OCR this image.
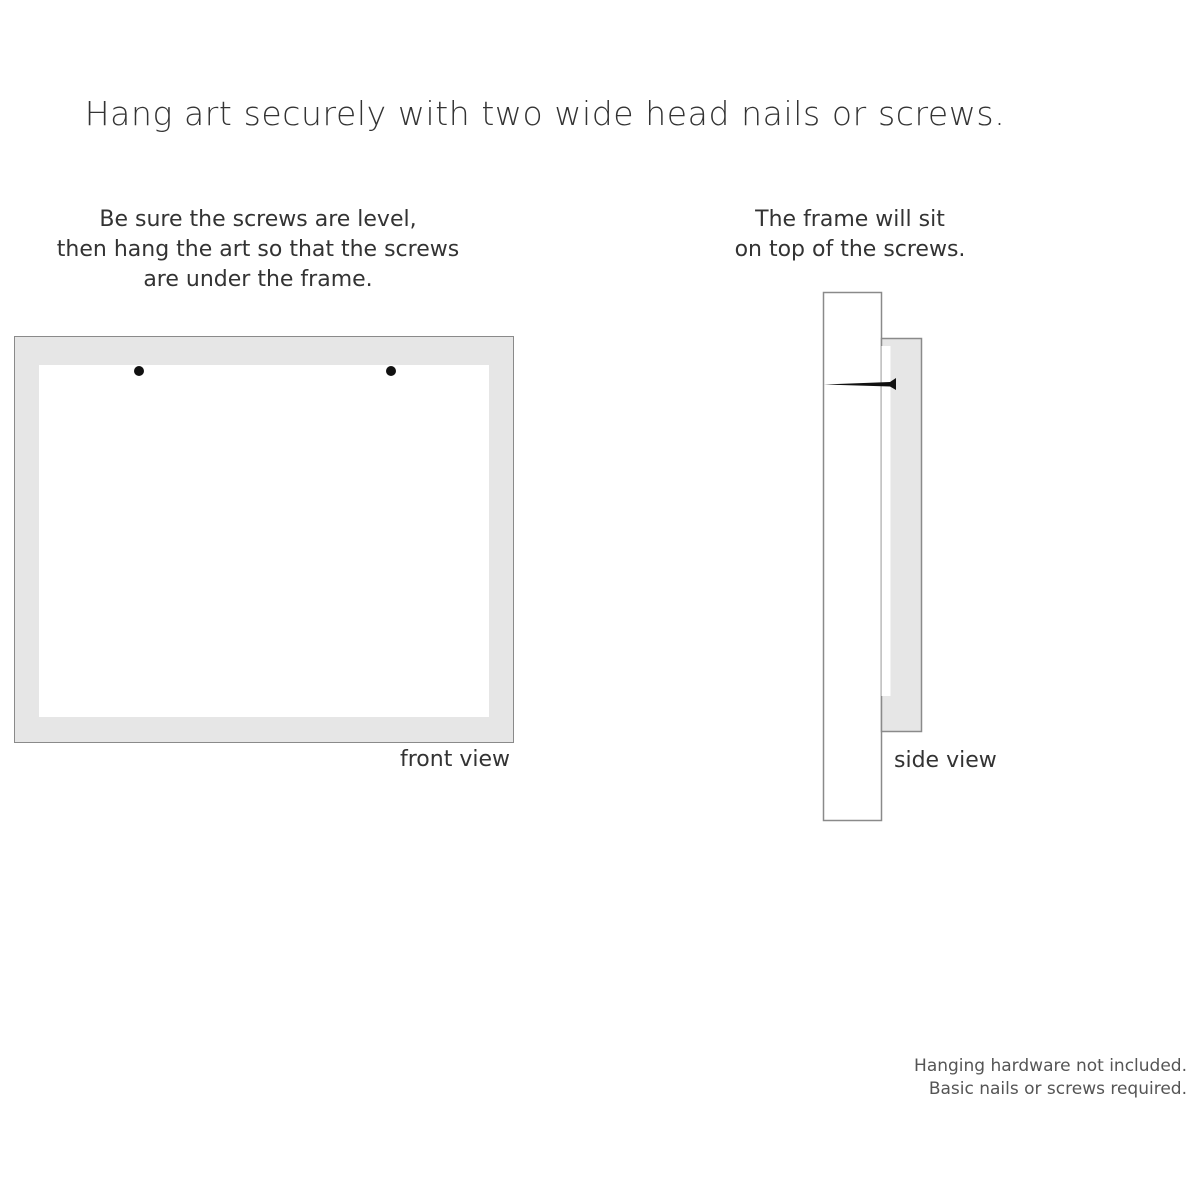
Hang art securely with two wide head nails or screws.
Be sure the screws are level,
then hang the art so that the screws
are under the frame.
The frame will sit
on top of the screws.
front view	side view
Hanging hardware not included.
Basic nails or screws required.
